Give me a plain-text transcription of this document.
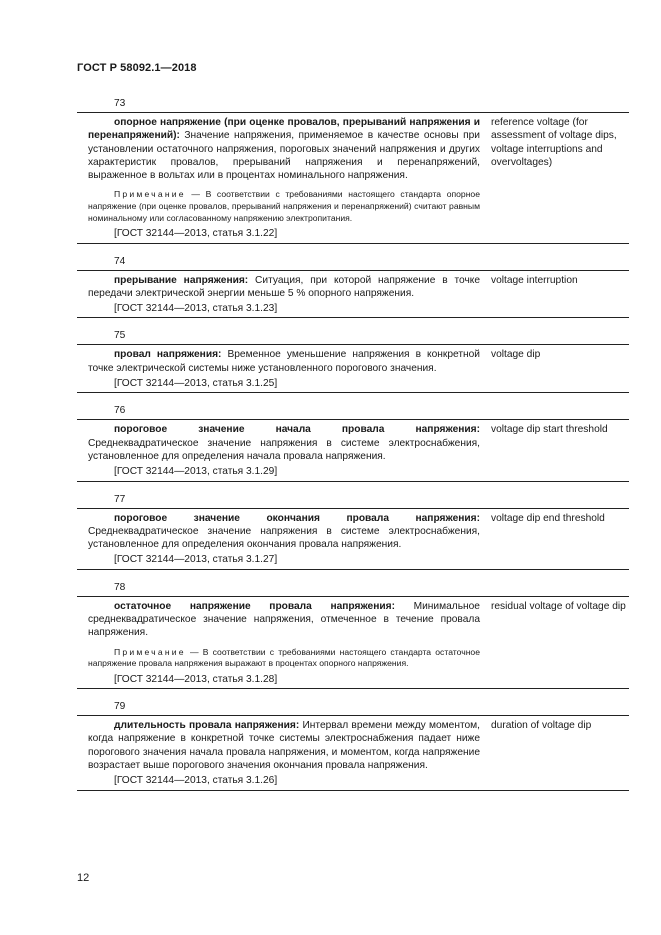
ГОСТ Р 58092.1—2018
73

опорное напряжение (при оценке провалов, прерываний напряжения и перенапряжений): Значение напряжения, применяемое в качестве основы при установлении остаточного напряжения, пороговых значений напряжения и других характеристик провалов, прерываний напряжения и перенапряжений, выраженное в вольтах или в процентах номинального напряжения.

Примечание — В соответствии с требованиями настоящего стандарта опорное напряжение (при оценке провалов, прерываний напряжения и перенапряжений) считают равным номинальному или согласованному напряжению электропитания.

[ГОСТ 32144—2013, статья 3.1.22]

reference voltage (for assessment of voltage dips, voltage interruptions and overvoltages)
74

прерывание напряжения: Ситуация, при которой напряжение в точке передачи электрической энергии меньше 5 % опорного напряжения.

[ГОСТ 32144—2013, статья 3.1.23]

voltage interruption
75

провал напряжения: Временное уменьшение напряжения в конкретной точке электрической системы ниже установленного порогового значения.

[ГОСТ 32144—2013, статья 3.1.25]

voltage dip
76

пороговое значение начала провала напряжения: Среднеквадратическое значение напряжения в системе электроснабжения, установленное для определения начала провала напряжения.

[ГОСТ 32144—2013, статья 3.1.29]

voltage dip start threshold
77

пороговое значение окончания провала напряжения: Среднеквадратическое значение напряжения в системе электроснабжения, установленное для определения окончания провала напряжения.

[ГОСТ 32144—2013, статья 3.1.27]

voltage dip end threshold
78

остаточное напряжение провала напряжения: Минимальное среднеквадратическое значение напряжения, отмеченное в течение провала напряжения.

Примечание — В соответствии с требованиями настоящего стандарта остаточное напряжение провала напряжения выражают в процентах опорного напряжения.

[ГОСТ 32144—2013, статья 3.1.28]

residual voltage of voltage dip
79

длительность провала напряжения: Интервал времени между моментом, когда напряжение в конкретной точке системы электроснабжения падает ниже порогового значения начала провала напряжения, и моментом, когда напряжение возрастает выше порогового значения окончания провала напряжения.

[ГОСТ 32144—2013, статья 3.1.26]

duration of voltage dip
12
